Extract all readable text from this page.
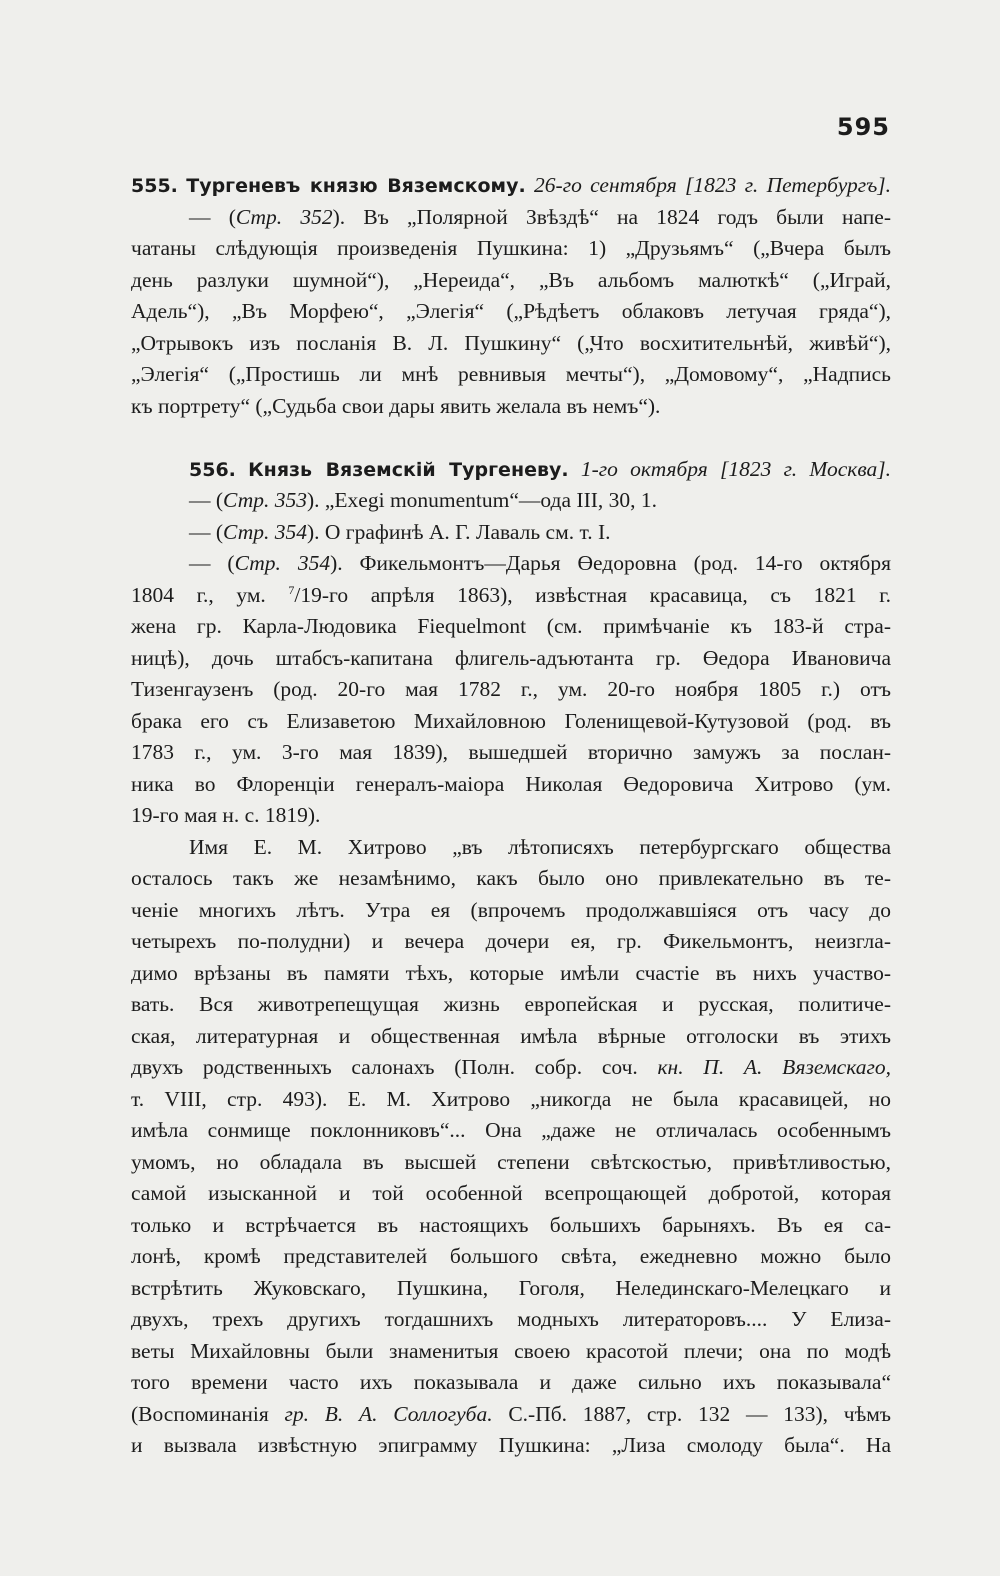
595
555. Тургеневъ князю Вяземскому. 26-го сентября [1823 г. Петербургъ].
— (Стр. 352). Въ „Полярной Звѣздѣ“ на 1824 годъ были напе-
чатаны слѣдующія произведенія Пушкина: 1) „Друзьямъ“ („Вчера былъ
день разлуки шумной“), „Нереида“, „Въ альбомъ малюткѣ“ („Играй,
Адель“), „Въ Морфею“, „Элегія“ („Рѣдѣетъ облаковъ летучая гряда“),
„Отрывокъ изъ посланія В. Л. Пушкину“ („Что восхитительнѣй, живѣй“),
„Элегія“ („Простишь ли мнѣ ревнивыя мечты“), „Домовому“, „Надпись
къ портрету“ („Судьба свои дары явить желала въ немъ“).
556. Князь Вяземскій Тургеневу. 1-го октября [1823 г. Москва].
— (Стр. 353). „Exegi monumentum“—ода III, 30, 1.
— (Стр. 354). О графинѣ А. Г. Лаваль см. т. I.
— (Стр. 354). Фикельмонтъ—Дарья Өедоровна (род. 14-го октября
1804 г., ум. $^7$/19-го апрѣля 1863), извѣстная красавица, съ 1821 г.
жена гр. Карла-Людовика Fiequelmont (см. примѣчаніе къ 183-й стра-
ницѣ), дочь штабсъ-капитана флигель-адъютанта гр. Өедора Ивановича
Тизенгаузенъ (род. 20-го мая 1782 г., ум. 20-го ноября 1805 г.) отъ
брака его съ Елизаветою Михайловною Голенищевой-Кутузовой (род. въ
1783 г., ум. 3-го мая 1839), вышедшей вторично замужъ за послан-
ника во Флоренціи генералъ-маіора Николая Өедоровича Хитрово (ум.
19-го мая н. с. 1819).
Имя Е. М. Хитрово „въ лѣтописяхъ петербургскаго общества
осталось такъ же незамѣнимо, какъ было оно привлекательно въ те-
ченіе многихъ лѣтъ. Утра ея (впрочемъ продолжавшіяся отъ часу до
четырехъ по-полудни) и вечера дочери ея, гр. Фикельмонтъ, неизгла-
димо врѣзаны въ памяти тѣхъ, которые имѣли счастіе въ нихъ участво-
вать. Вся животрепещущая жизнь европейская и русская, политиче-
ская, литературная и общественная имѣла вѣрные отголоски въ этихъ
двухъ родственныхъ салонахъ (Полн. собр. соч. кн. П. А. Вяземскаго,
т. VIII, стр. 493). Е. М. Хитрово „никогда не была красавицей, но
имѣла сонмище поклонниковъ“... Она „даже не отличалась особеннымъ
умомъ, но обладала въ высшей степени свѣтскостью, привѣтливостью,
самой изысканной и той особенной всепрощающей добротой, которая
только и встрѣчается въ настоящихъ большихъ барыняхъ. Въ ея са-
лонѣ, кромѣ представителей большого свѣта, ежедневно можно было
встрѣтить Жуковскаго, Пушкина, Гоголя, Нелединскаго-Мелецкаго и
двухъ, трехъ другихъ тогдашнихъ модныхъ литераторовъ.... У Елиза-
веты Михайловны были знаменитыя своею красотой плечи; она по модѣ
того времени часто ихъ показывала и даже сильно ихъ показывала“
(Воспоминанія гр. В. А. Соллогуба. С.-Пб. 1887, стр. 132 — 133), чѣмъ
и вызвала извѣстную эпиграмму Пушкина: „Лиза смолоду была“. На
